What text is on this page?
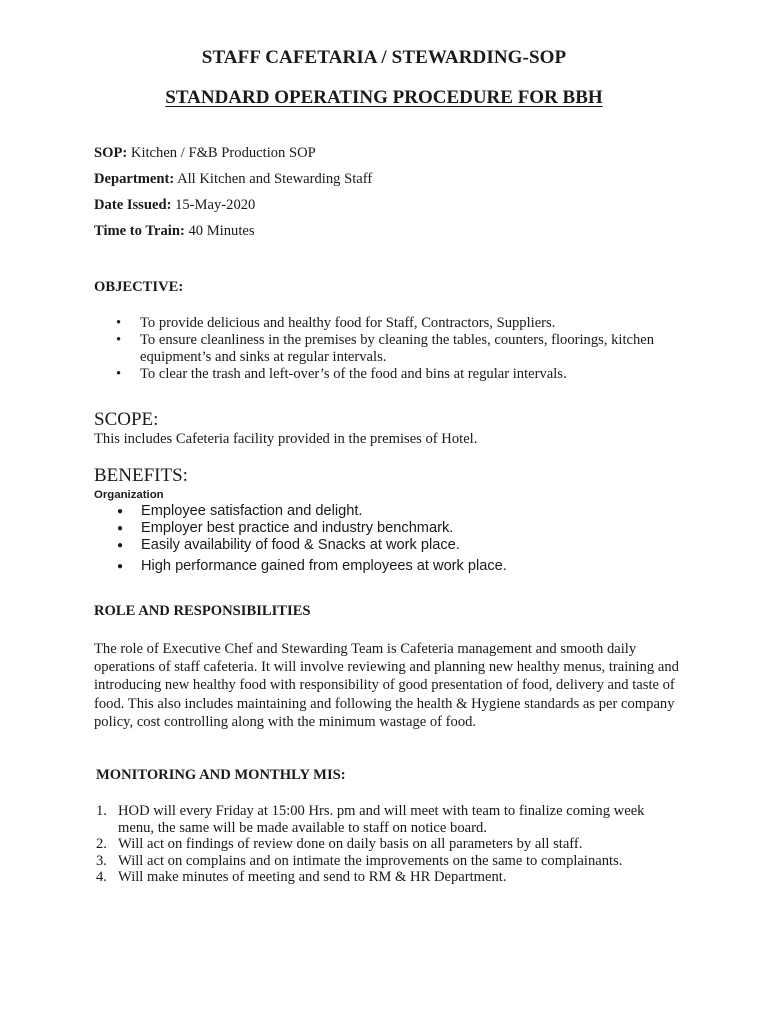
STAFF CAFETARIA / STEWARDING-SOP
STANDARD OPERATING PROCEDURE FOR BBH
SOP: Kitchen / F&B Production SOP
Department: All Kitchen and Stewarding Staff
Date Issued: 15-May-2020
Time to Train: 40 Minutes
OBJECTIVE:
• To provide delicious and healthy food for Staff, Contractors, Suppliers.
• To ensure cleanliness in the premises by cleaning the tables, counters, floorings, kitchen equipment’s and sinks at regular intervals.
• To clear the trash and left-over’s of the food and bins at regular intervals.
SCOPE:
This includes Cafeteria facility provided in the premises of Hotel.
BENEFITS:
Organization
● Employee satisfaction and delight.
● Employer best practice and industry benchmark.
● Easily availability of food & Snacks at work place.
● High performance gained from employees at work place.
ROLE AND RESPONSIBILITIES
The role of Executive Chef and Stewarding Team is Cafeteria management and smooth daily operations of staff cafeteria. It will involve reviewing and planning new healthy menus, training and introducing new healthy food with responsibility of good presentation of food, delivery and taste of food. This also includes maintaining and following the health & Hygiene standards as per company policy, cost controlling along with the minimum wastage of food.
MONITORING AND MONTHLY MIS:
1. HOD will every Friday at 15:00 Hrs. pm and will meet with team to finalize coming week menu, the same will be made available to staff on notice board.
2. Will act on findings of review done on daily basis on all parameters by all staff.
3. Will act on complains and on intimate the improvements on the same to complainants.
4. Will make minutes of meeting and send to RM & HR Department.
